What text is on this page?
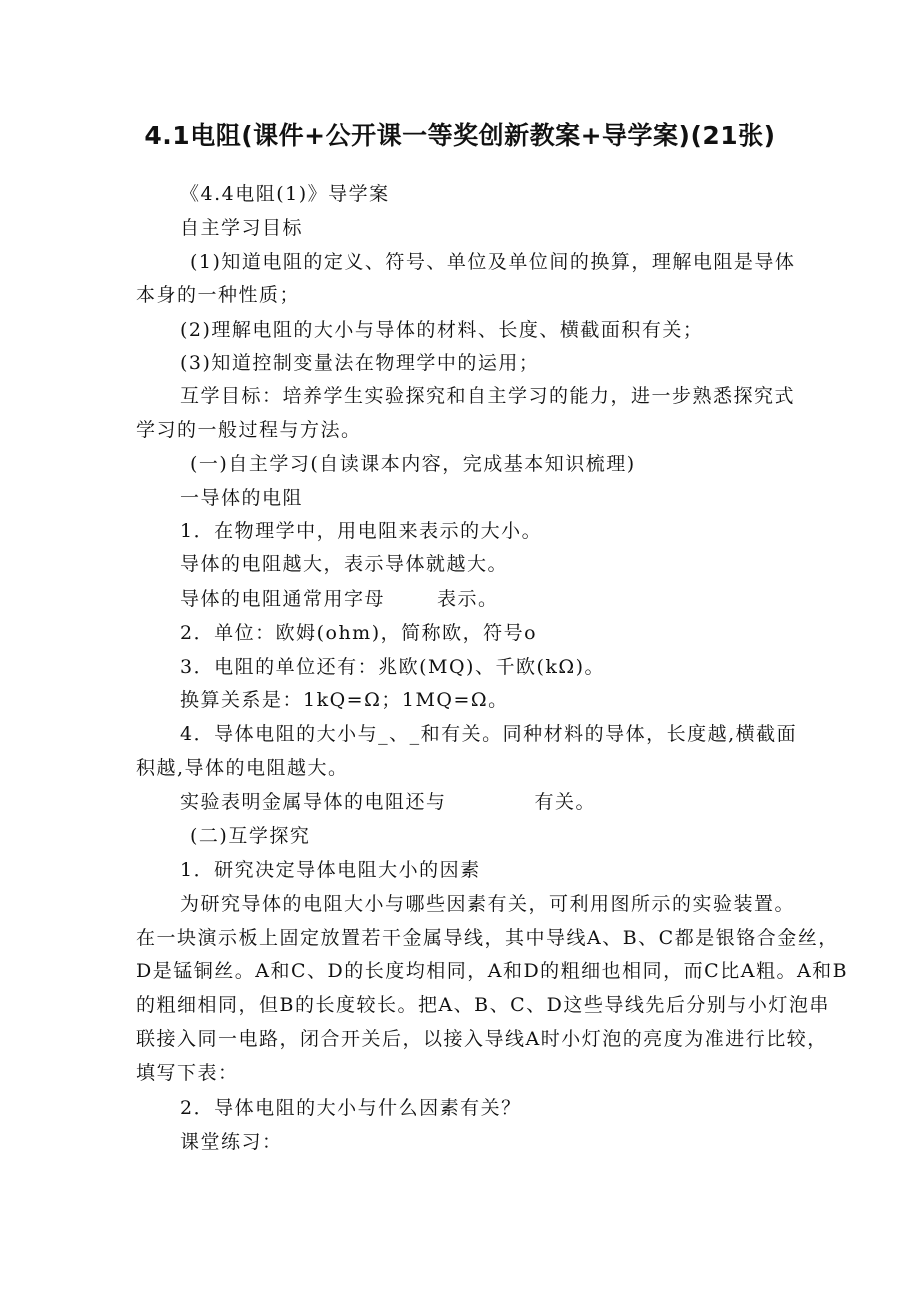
4.1电阻(课件+公开课一等奖创新教案+导学案)(21张)
《4.4电阻(1)》导学案
自主学习目标
(1)知道电阻的定义、符号、单位及单位间的换算，理解电阻是导体
本身的一种性质；
(2)理解电阻的大小与导体的材料、长度、横截面积有关；
(3)知道控制变量法在物理学中的运用；
互学目标：培养学生实验探究和自主学习的能力，进一步熟悉探究式
学习的一般过程与方法。
(一)自主学习(自读课本内容，完成基本知识梳理)
一导体的电阻
1．在物理学中，用电阻来表示的大小。
导体的电阻越大，表示导体就越大。
导体的电阻通常用字母	表示。
2．单位：欧姆(ohm)，简称欧，符号o
3．电阻的单位还有：兆欧(MQ)、千欧(kΩ)。
换算关系是：1kQ=Ω；1MQ=Ω。
4．导体电阻的大小与_、_和有关。同种材料的导体，长度越,横截面
积越,导体的电阻越大。
实验表明金属导体的电阻还与	有关。
(二)互学探究
1．研究决定导体电阻大小的因素
为研究导体的电阻大小与哪些因素有关，可利用图所示的实验装置。
在一块演示板上固定放置若干金属导线，其中导线A、B、C都是银铬合金丝，
D是锰铜丝。A和C、D的长度均相同，A和D的粗细也相同，而C比A粗。A和B
的粗细相同，但B的长度较长。把A、B、C、D这些导线先后分别与小灯泡串
联接入同一电路，闭合开关后，以接入导线A时小灯泡的亮度为准进行比较，
填写下表：
2．导体电阻的大小与什么因素有关？
课堂练习：
